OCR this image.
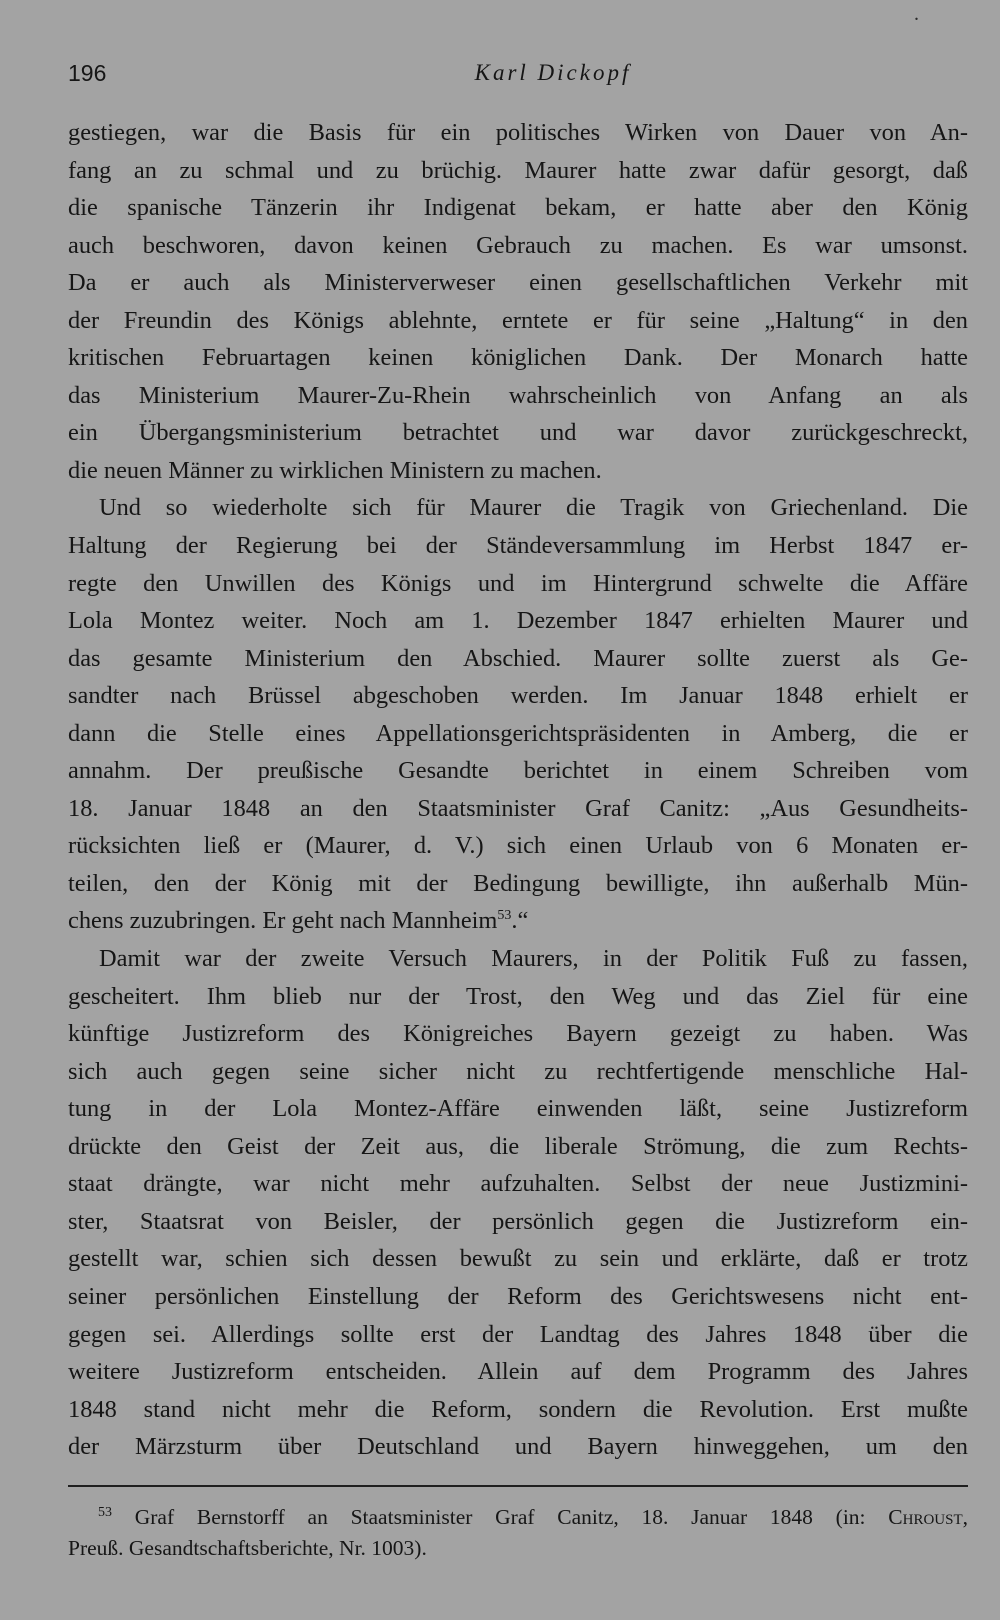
.
196	Karl Dickopf
gestiegen, war die Basis für ein politisches Wirken von Dauer von An-
fang an zu schmal und zu brüchig. Maurer hatte zwar dafür gesorgt, daß
die spanische Tänzerin ihr Indigenat bekam, er hatte aber den König
auch beschworen, davon keinen Gebrauch zu machen. Es war umsonst.
Da er auch als Ministerverweser einen gesellschaftlichen Verkehr mit
der Freundin des Königs ablehnte, erntete er für seine „Haltung“ in den
kritischen Februartagen keinen königlichen Dank. Der Monarch hatte
das Ministerium Maurer-Zu-Rhein wahrscheinlich von Anfang an als
ein Übergangsministerium betrachtet und war davor zurückgeschreckt,
die neuen Männer zu wirklichen Ministern zu machen.
Und so wiederholte sich für Maurer die Tragik von Griechenland. Die
Haltung der Regierung bei der Ständeversammlung im Herbst 1847 er-
regte den Unwillen des Königs und im Hintergrund schwelte die Affäre
Lola Montez weiter. Noch am 1. Dezember 1847 erhielten Maurer und
das gesamte Ministerium den Abschied. Maurer sollte zuerst als Ge-
sandter nach Brüssel abgeschoben werden. Im Januar 1848 erhielt er
dann die Stelle eines Appellationsgerichtspräsidenten in Amberg, die er
annahm. Der preußische Gesandte berichtet in einem Schreiben vom
18. Januar 1848 an den Staatsminister Graf Canitz: „Aus Gesundheits-
rücksichten ließ er (Maurer, d. V.) sich einen Urlaub von 6 Monaten er-
teilen, den der König mit der Bedingung bewilligte, ihn außerhalb Mün-
chens zuzubringen. Er geht nach Mannheim$^{53}$.“
Damit war der zweite Versuch Maurers, in der Politik Fuß zu fassen,
gescheitert. Ihm blieb nur der Trost, den Weg und das Ziel für eine
künftige Justizreform des Königreiches Bayern gezeigt zu haben. Was
sich auch gegen seine sicher nicht zu rechtfertigende menschliche Hal-
tung in der Lola Montez-Affäre einwenden läßt, seine Justizreform
drückte den Geist der Zeit aus, die liberale Strömung, die zum Rechts-
staat drängte, war nicht mehr aufzuhalten. Selbst der neue Justizmini-
ster, Staatsrat von Beisler, der persönlich gegen die Justizreform ein-
gestellt war, schien sich dessen bewußt zu sein und erklärte, daß er trotz
seiner persönlichen Einstellung der Reform des Gerichtswesens nicht ent-
gegen sei. Allerdings sollte erst der Landtag des Jahres 1848 über die
weitere Justizreform entscheiden. Allein auf dem Programm des Jahres
1848 stand nicht mehr die Reform, sondern die Revolution. Erst mußte
der Märzsturm über Deutschland und Bayern hinweggehen, um den
$^{53}$ Graf Bernstorff an Staatsminister Graf Canitz, 18. Januar 1848 (in: Chroust,
Preuß. Gesandtschaftsberichte, Nr. 1003).
